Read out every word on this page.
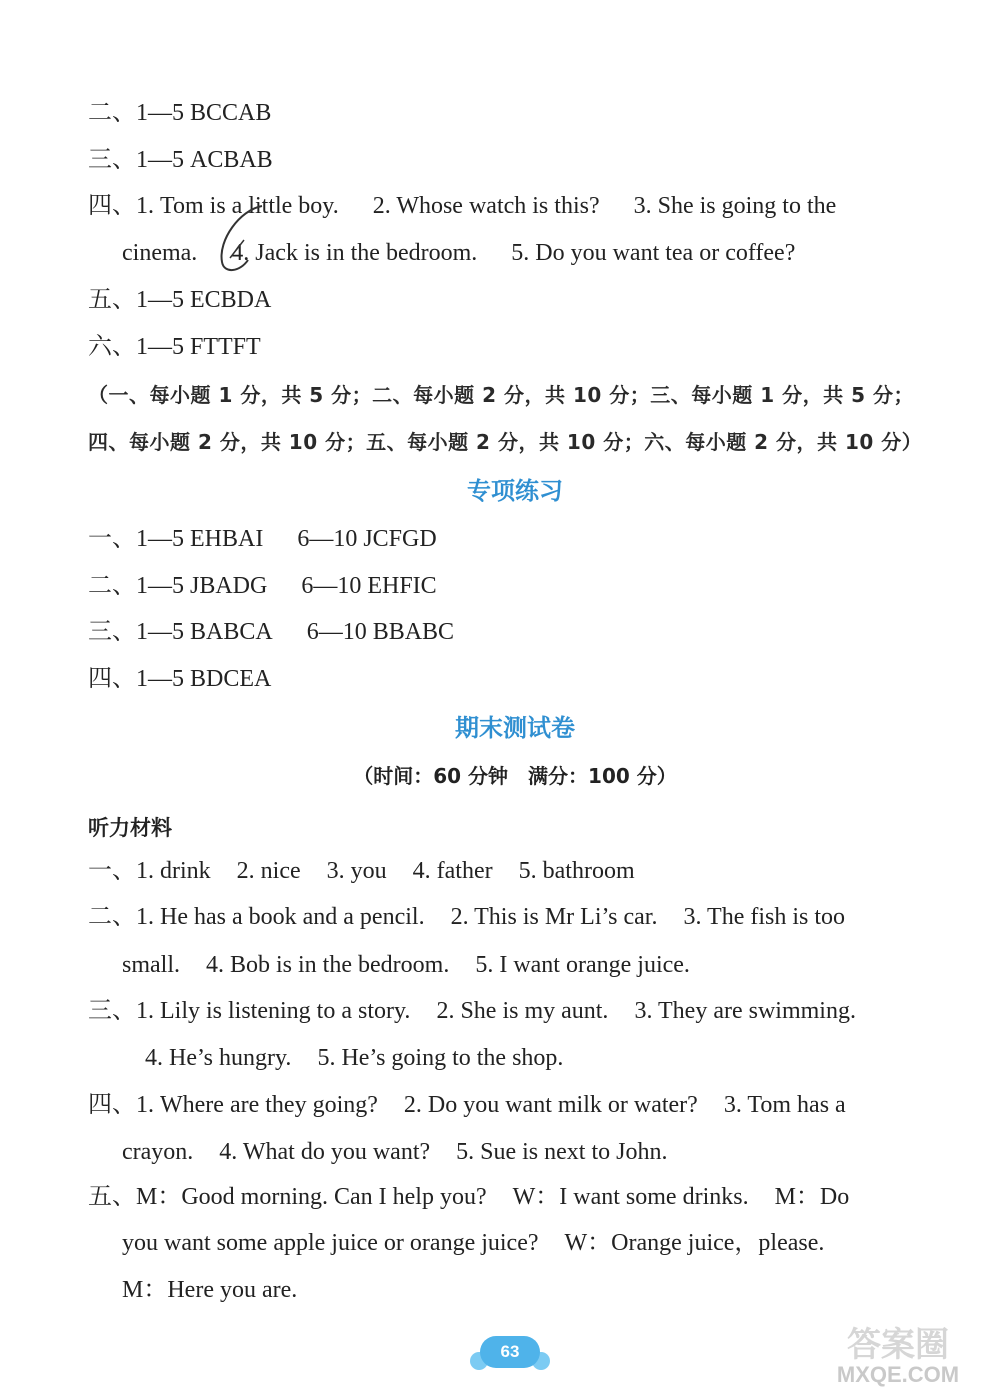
二、1—5 BCCAB
三、1—5 ACBAB
四、1. Tom is a little boy. 2. Whose watch is this? 3. She is going to the
cinema. 4. Jack is in the bedroom. 5. Do you want tea or coffee?
五、1—5 ECBDA
六、1—5 FTTFT
（一、每小题 1 分，共 5 分；二、每小题 2 分，共 10 分；三、每小题 1 分，共 5 分；
四、每小题 2 分，共 10 分；五、每小题 2 分，共 10 分；六、每小题 2 分，共 10 分）
专项练习
一、1—5 EHBAI 6—10 JCFGD
二、1—5 JBADG 6—10 EHFIC
三、1—5 BABCA 6—10 BBABC
四、1—5 BDCEA
期末测试卷
（时间：60 分钟　满分：100 分）
听力材料
一、1. drink 2. nice 3. you 4. father 5. bathroom
二、1. He has a book and a pencil. 2. This is Mr Li’s car. 3. The fish is too
small. 4. Bob is in the bedroom. 5. I want orange juice.
三、1. Lily is listening to a story. 2. She is my aunt. 3. They are swimming.
4. He’s hungry. 5. He’s going to the shop.
四、1. Where are they going? 2. Do you want milk or water? 3. Tom has a
crayon. 4. What do you want? 5. Sue is next to John.
五、M：Good morning. Can I help you? W：I want some drinks. M：Do
you want some apple juice or orange juice? W：Orange juice，please.
M：Here you are.
63	答案圈
MXQE.COM
